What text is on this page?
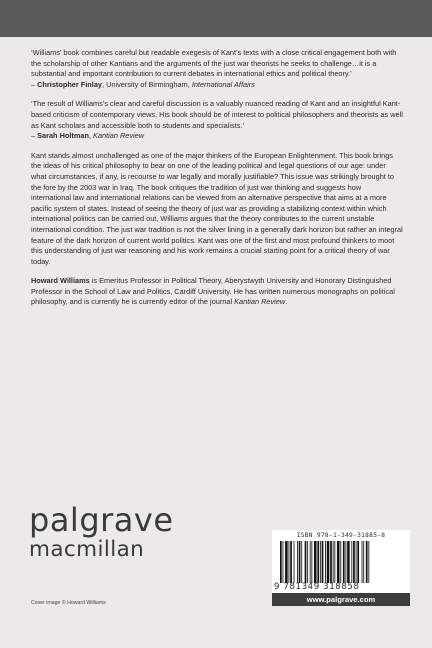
‘Williams’ book combines careful but readable exegesis of Kant’s texts with a close critical engagement both with the scholarship of other Kantians and the arguments of the just war theorists he seeks to challenge…it is a substantial and important contribution to current debates in international ethics and political theory.’
– Christopher Finlay, University of Birmingham, International Affairs

‘The result of Williams’s clear and careful discussion is a valuably nuanced reading of Kant and an insightful Kant-based criticism of contemporary views. His book should be of interest to political philosophers and theorists as well as Kant scholars and accessible both to students and specialists.’
– Sarah Holtman, Kantian Review

Kant stands almost unchallenged as one of the major thinkers of the European Enlightenment. This book brings the ideas of his critical philosophy to bear on one of the leading political and legal questions of our age: under what circumstances, if any, is recourse to war legally and morally justifiable? This issue was strikingly brought to the fore by the 2003 war in Iraq. The book critiques the tradition of just war thinking and suggests how international law and international relations can be viewed from an alternative perspective that aims at a more pacific system of states. Instead of seeing the theory of just war as providing a stabilizing context within which international politics can be carried out, Williams argues that the theory contributes to the current unstable international condition. The just war tradition is not the silver lining in a generally dark horizon but rather an integral feature of the dark horizon of current world politics. Kant was one of the first and most profound thinkers to moot this understanding of just war reasoning and his work remains a crucial starting point for a critical theory of war today.

Howard Williams is Emeritus Professor in Political Theory, Aberystwyth University and Honorary Distinguished Professor in the School of Law and Politics, Cardiff University. He has written numerous monographs on political philosophy, and is currently he is currently editor of the journal Kantian Review.

palgrave
macmillan
ISBN 978-1-349-31885-8
9 781349 318858
www.palgrave.com
Cover image © Howard Williams
